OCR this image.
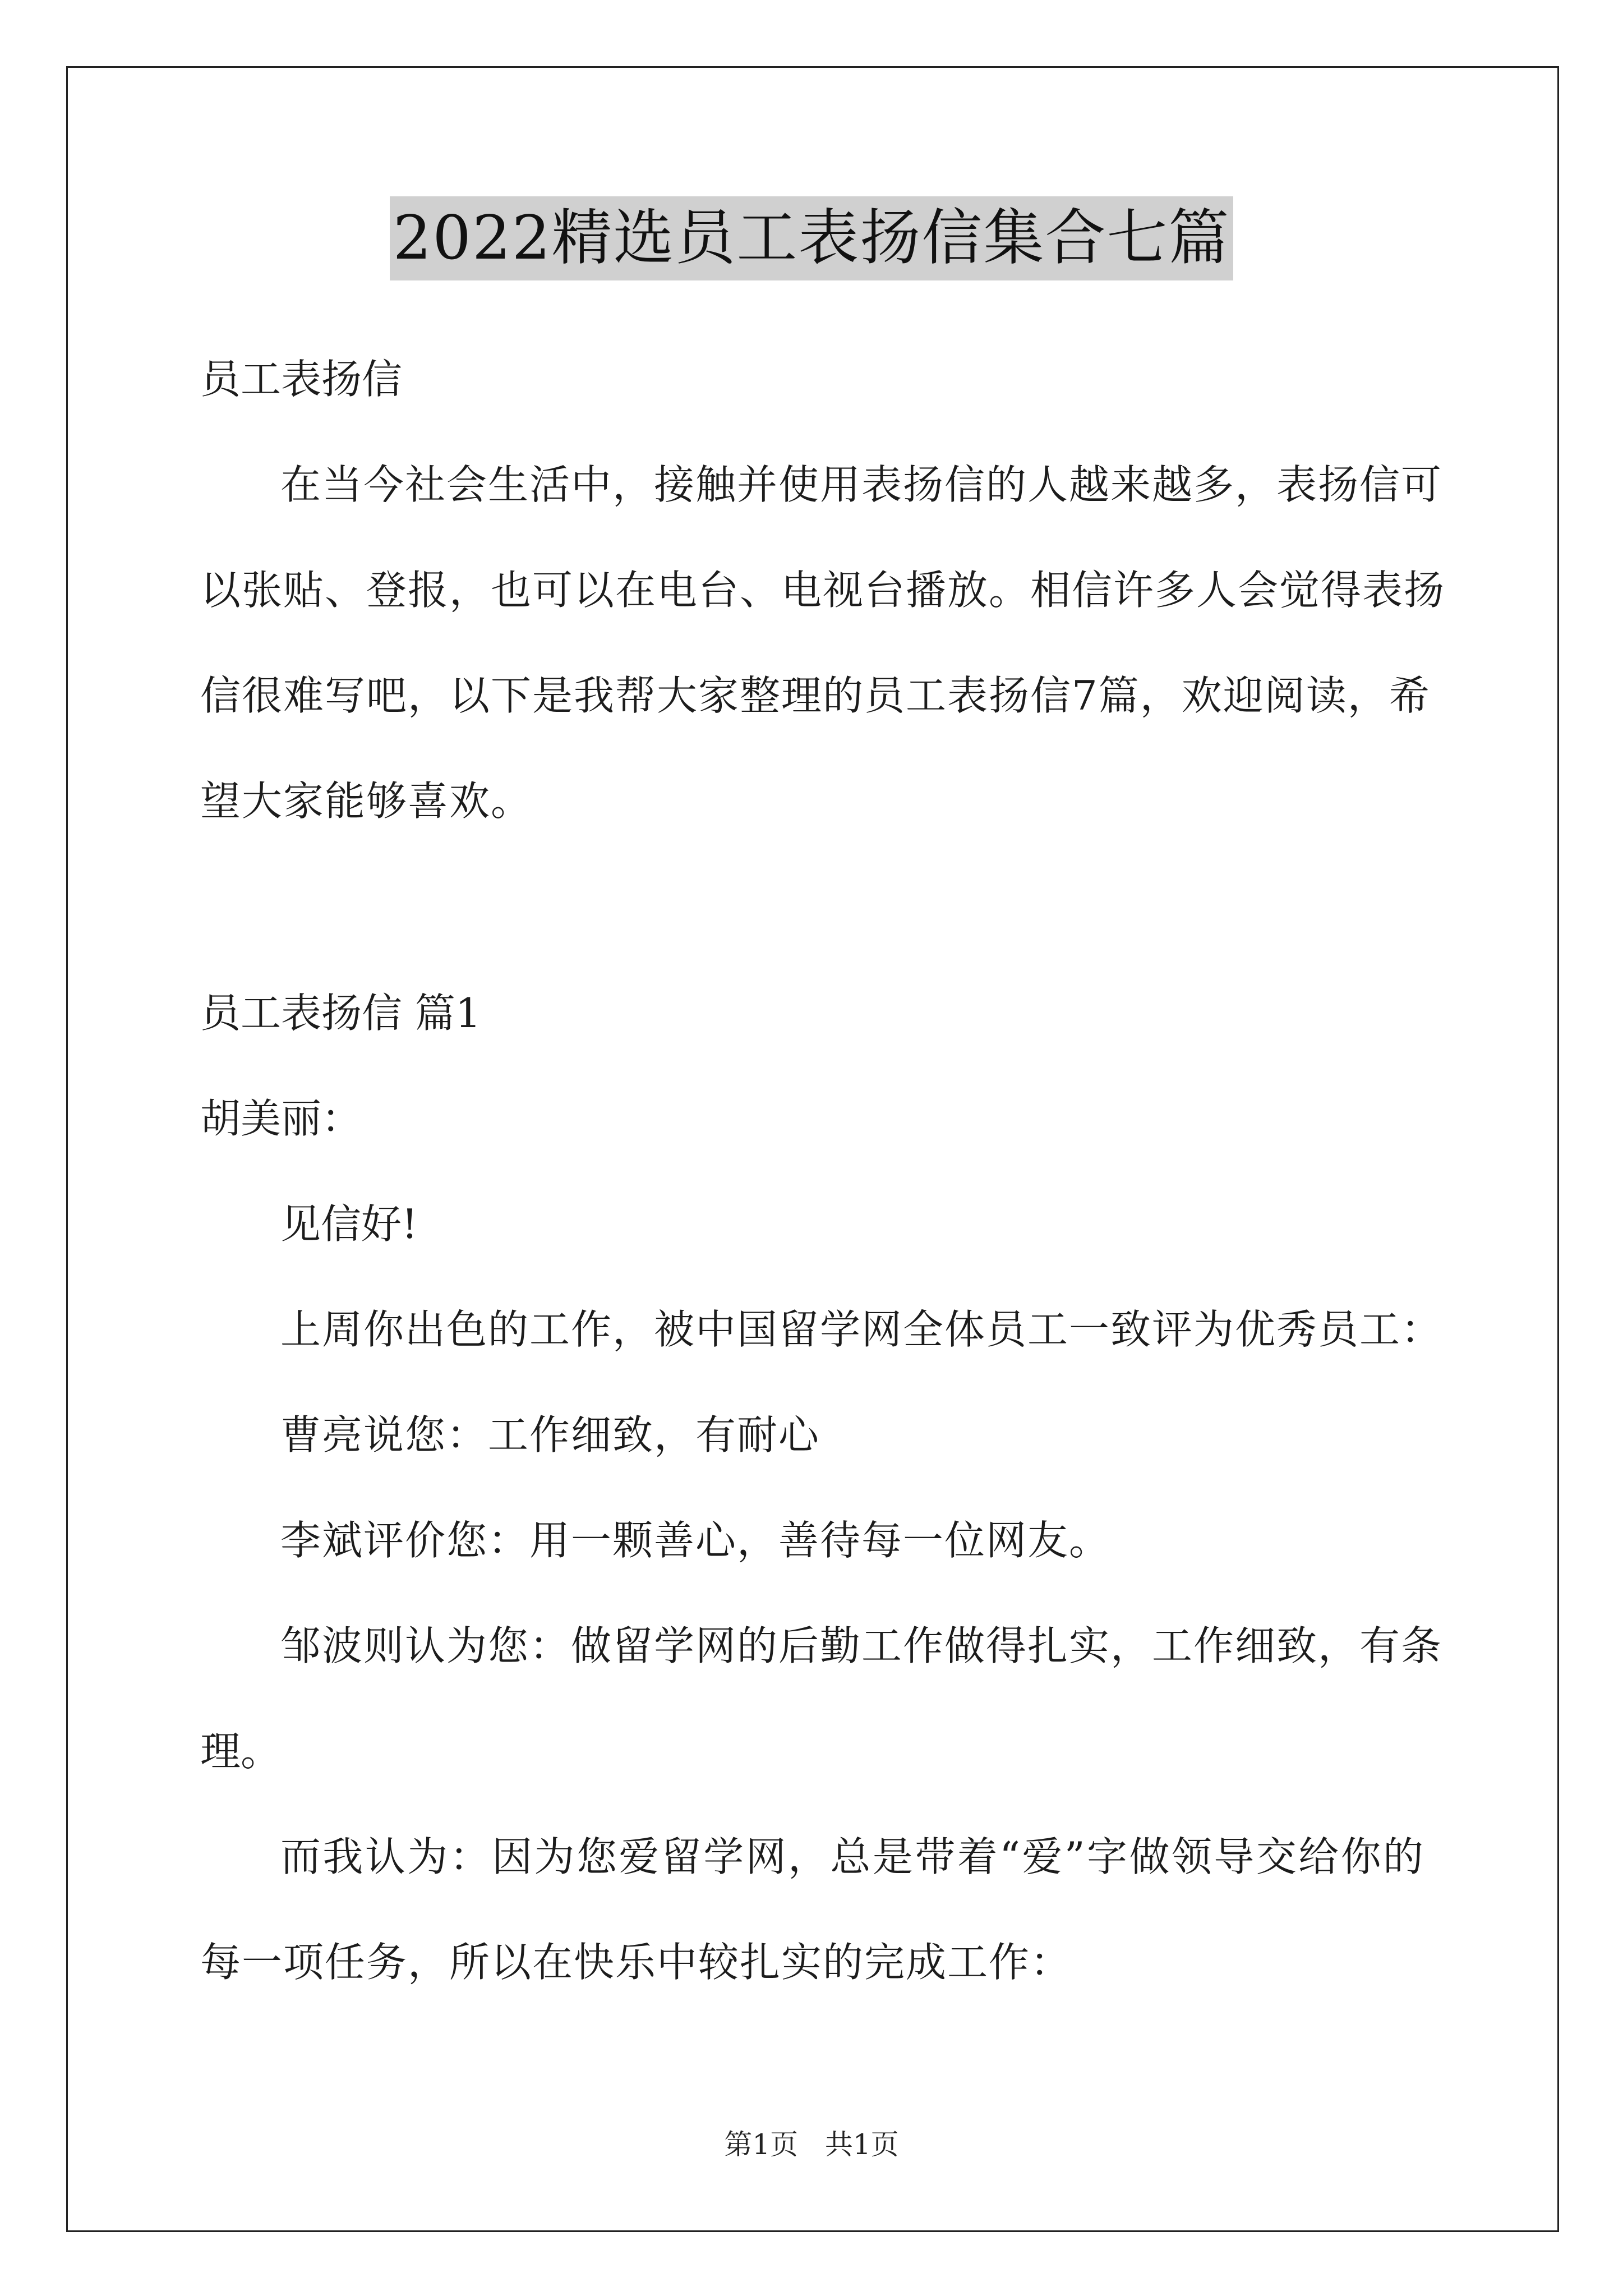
2022精选员工表扬信集合七篇
员工表扬信
在当今社会生活中，接触并使用表扬信的人越来越多，表扬信可
以张贴、登报，也可以在电台、电视台播放。相信许多人会觉得表扬
信很难写吧，以下是我帮大家整理的员工表扬信7篇，欢迎阅读，希
望大家能够喜欢。
员工表扬信 篇1
胡美丽：
见信好!
上周你出色的工作，被中国留学网全体员工一致评为优秀员工：
曹亮说您：工作细致，有耐心
李斌评价您：用一颗善心，善待每一位网友。
邹波则认为您：做留学网的后勤工作做得扎实，工作细致，有条
理。
而我认为：因为您爱留学网，总是带着“爱”字做领导交给你的
每一项任务，所以在快乐中较扎实的完成工作：
第1页   共1页
